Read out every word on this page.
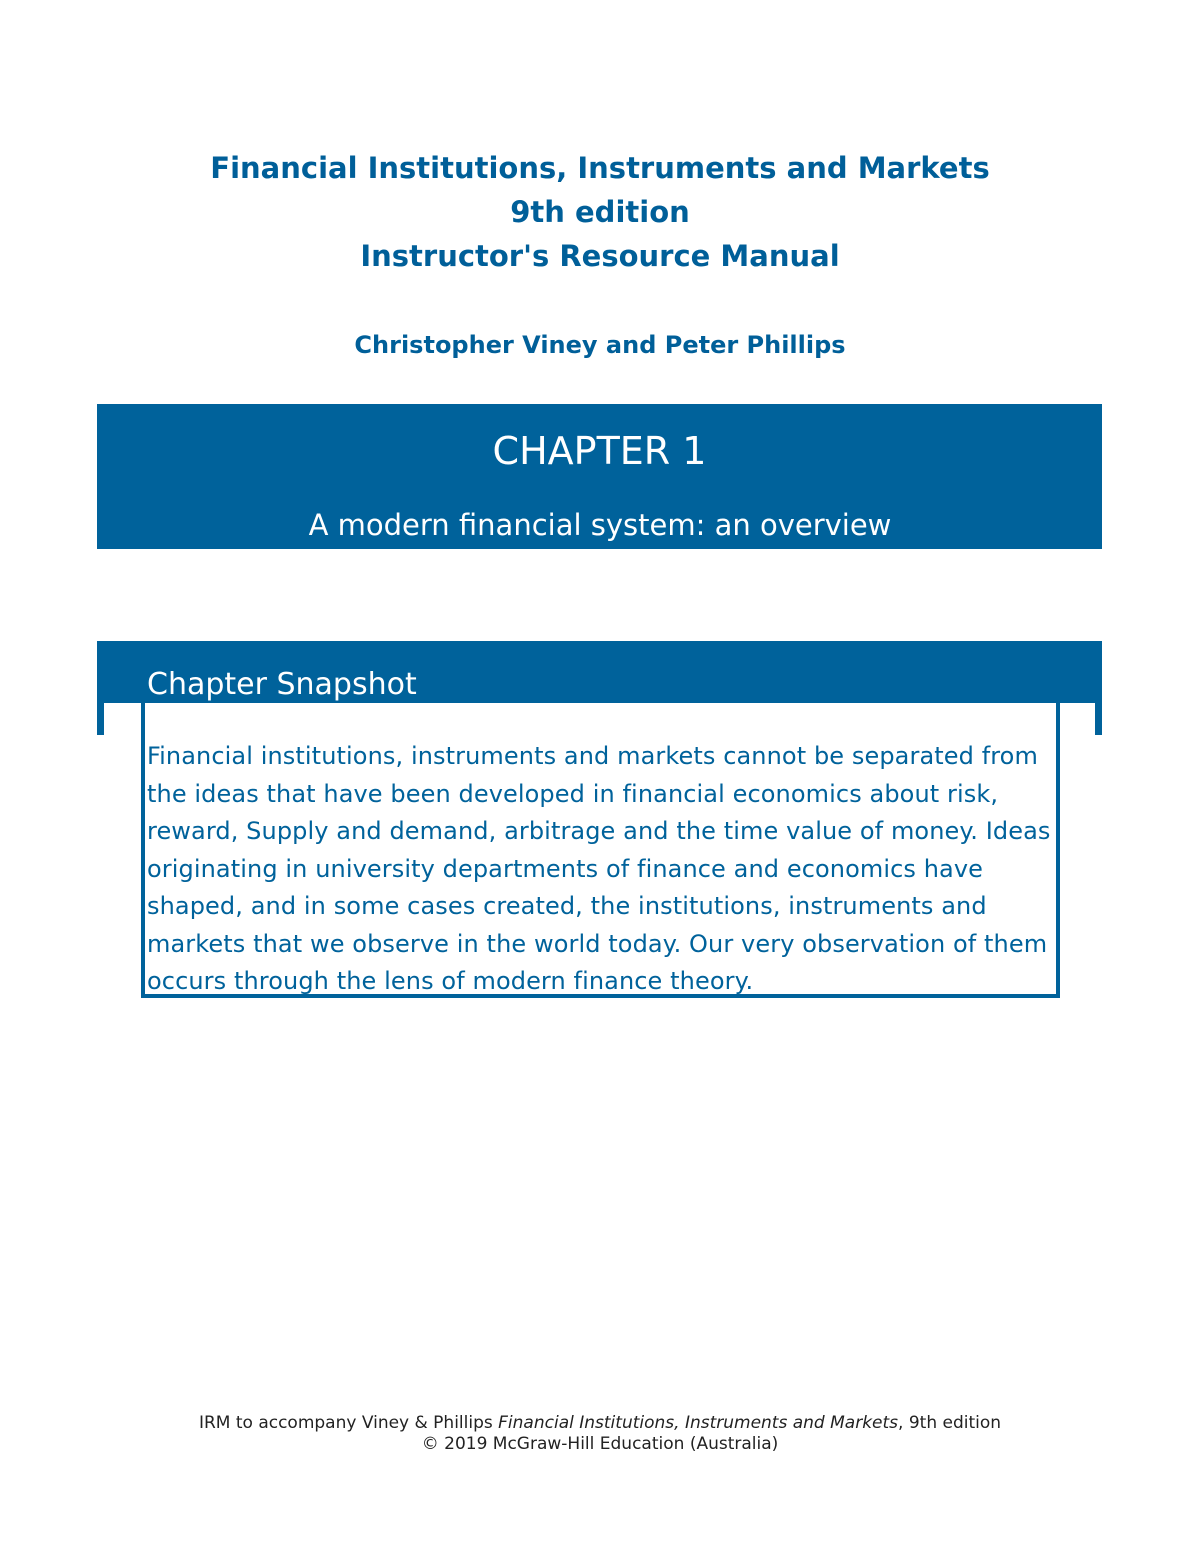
Financial Institutions, Instruments and Markets

9th edition

Instructor's Resource Manual

Christopher Viney and Peter Phillips
CHAPTER 1
A modern financial system: an overview
Chapter Snapshot

Financial institutions, instruments and markets cannot be separated from the ideas that have been developed in financial economics about risk, reward, Supply and demand, arbitrage and the time value of money. Ideas originating in university departments of finance and economics have shaped, and in some cases created, the institutions, instruments and markets that we observe in the world today. Our very observation of them occurs through the lens of modern finance theory.

IRM to accompany Viney & Phillips Financial Institutions, Instruments and Markets, 9th edition
© 2019 McGraw-Hill Education (Australia)
